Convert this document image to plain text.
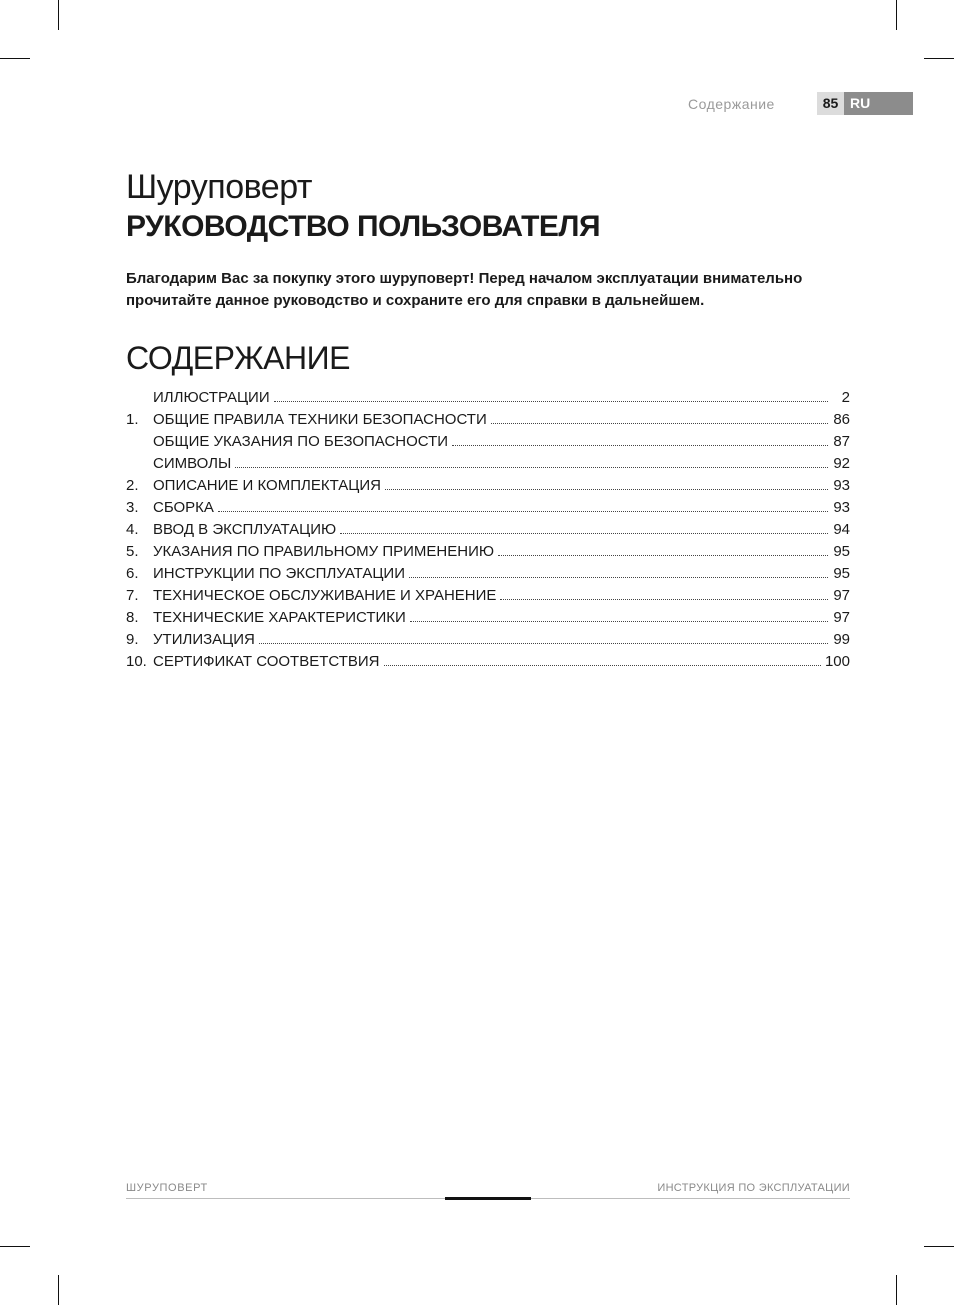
Содержание	85 RU
Шуруповерт
РУКОВОДСТВО ПОЛЬЗОВАТЕЛЯ
Благодарим Вас за покупку этого шуруповерт! Перед началом эксплуатации внимательно прочитайте данное руководство и сохраните его для справки в дальнейшем.
СОДЕРЖАНИЕ
ИЛЛЮСТРАЦИИ	2
1. ОБЩИЕ ПРАВИЛА ТЕХНИКИ БЕЗОПАСНОСТИ	86
ОБЩИЕ УКАЗАНИЯ ПО БЕЗОПАСНОСТИ	87
СИМВОЛЫ	92
2. ОПИСАНИЕ И КОМПЛЕКТАЦИЯ	93
3. СБОРКА	93
4. ВВОД В ЭКСПЛУАТАЦИЮ	94
5. УКАЗАНИЯ ПО ПРАВИЛЬНОМУ ПРИМЕНЕНИЮ	95
6. ИНСТРУКЦИИ ПО ЭКСПЛУАТАЦИИ	95
7. ТЕХНИЧЕСКОЕ ОБСЛУЖИВАНИЕ И ХРАНЕНИЕ	97
8. ТЕХНИЧЕСКИЕ ХАРАКТЕРИСТИКИ	97
9. УТИЛИЗАЦИЯ	99
10. СЕРТИФИКАТ СООТВЕТСТВИЯ	100
ШУРУПОВЕРТ	ИНСТРУКЦИЯ ПО ЭКСПЛУАТАЦИИ
